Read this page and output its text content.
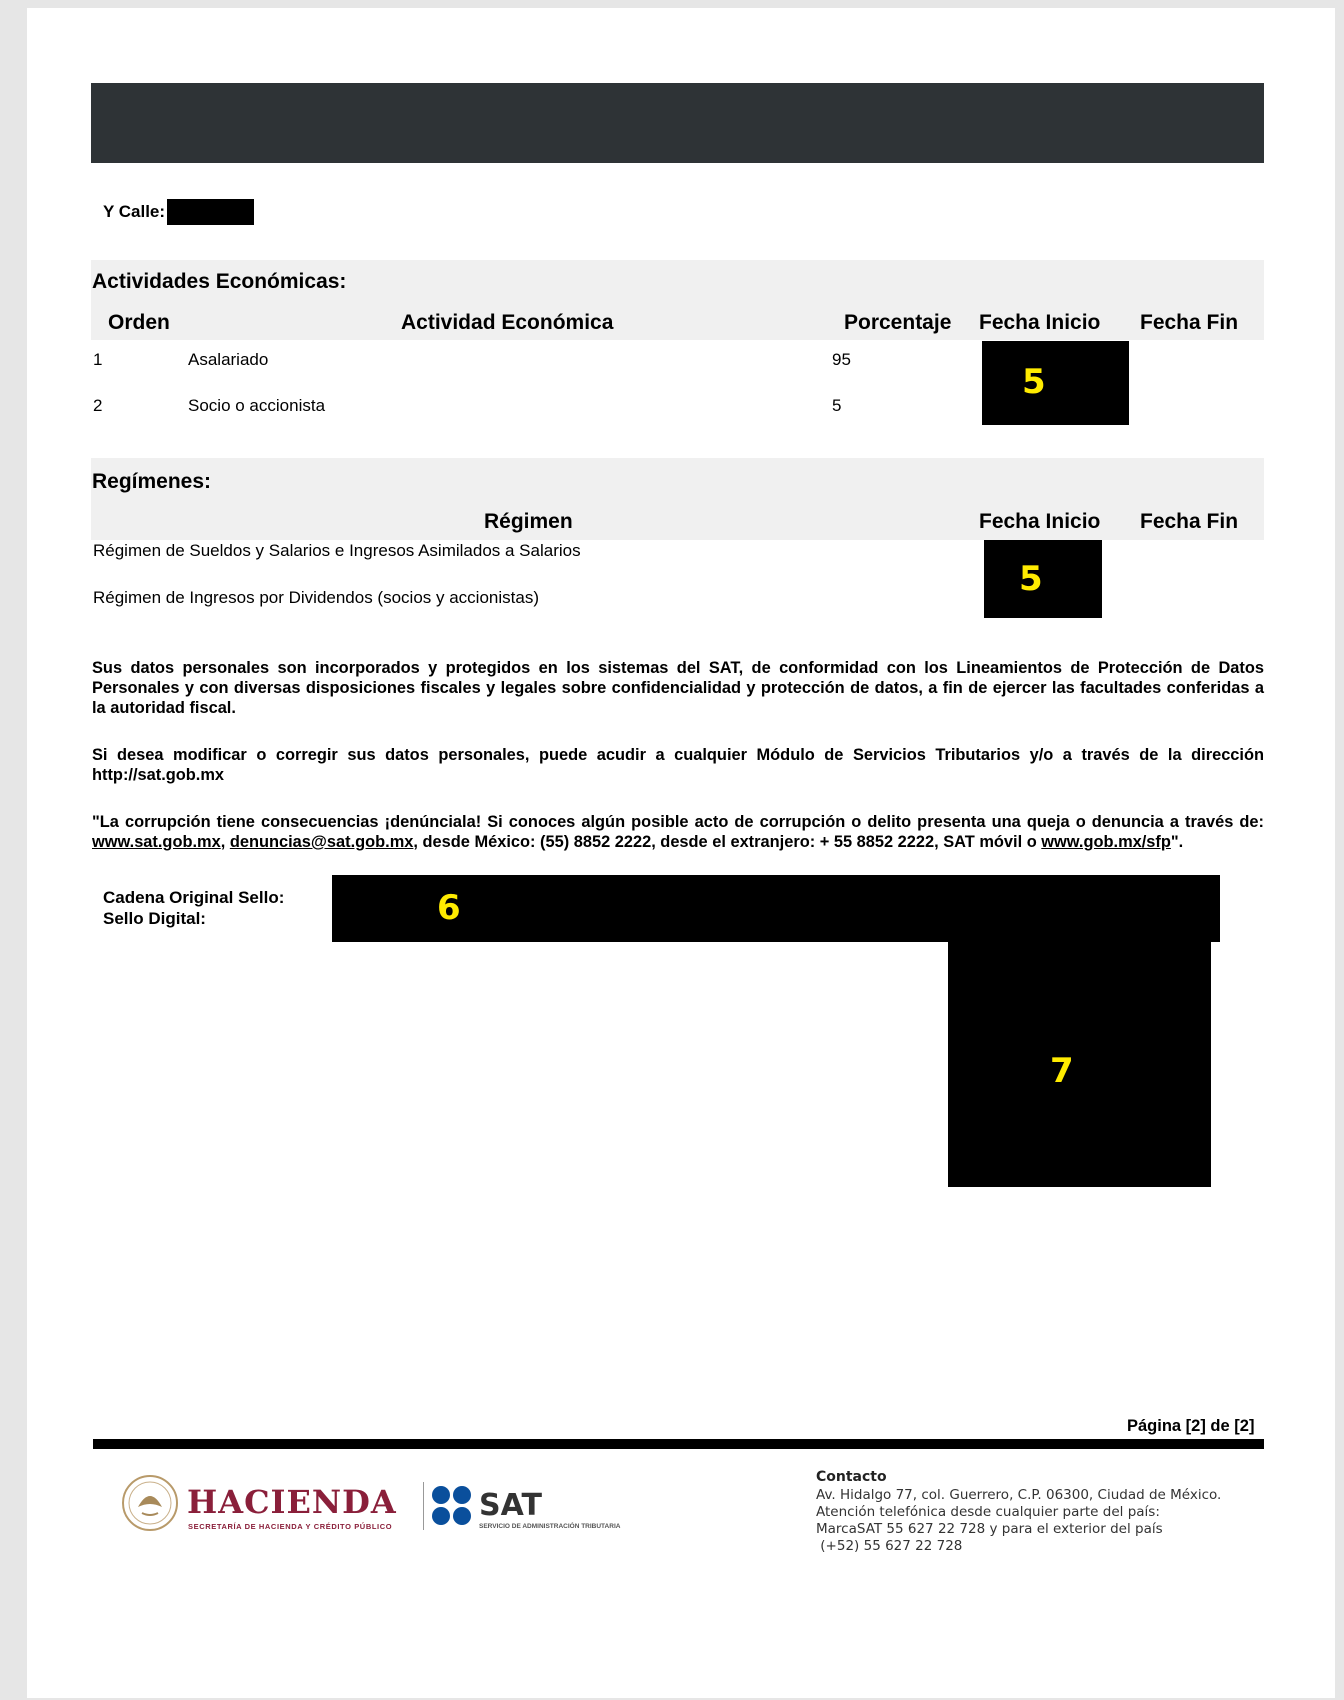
Y Calle:
Actividades Económicas:
Orden	Actividad Económica	Porcentaje Fecha Inicio Fecha Fin
1	Asalariado	95
2	Socio o accionista	5
5
Regímenes:
Régimen	Fecha Inicio Fecha Fin
Régimen de Sueldos y Salarios e Ingresos Asimilados a Salarios
Régimen de Ingresos por Dividendos (socios y accionistas)	5
Sus datos personales son incorporados y protegidos en los sistemas del SAT, de conformidad con los Lineamientos de Protección de Datos Personales y con diversas disposiciones fiscales y legales sobre confidencialidad y protección de datos, a fin de ejercer las facultades conferidas a la autoridad fiscal.
Si desea modificar o corregir sus datos personales, puede acudir a cualquier Módulo de Servicios Tributarios y/o a través de la dirección http://sat.gob.mx
"La corrupción tiene consecuencias ¡denúnciala! Si conoces algún posible acto de corrupción o delito presenta una queja o denuncia a través de: www.sat.gob.mx, denuncias@sat.gob.mx, desde México: (55) 8852 2222, desde el extranjero: + 55 8852 2222, SAT móvil o www.gob.mx/sfp".
Cadena Original Sello:
Sello Digital:	6
7
Página [2] de [2]
HACIENDA
SECRETARÍA DE HACIENDA Y CRÉDITO PÚBLICO
SAT
SERVICIO DE ADMINISTRACIÓN TRIBUTARIA
Contacto
Av. Hidalgo 77, col. Guerrero, C.P. 06300, Ciudad de México.
Atención telefónica desde cualquier parte del país:
MarcaSAT 55 627 22 728 y para el exterior del país
(+52) 55 627 22 728
